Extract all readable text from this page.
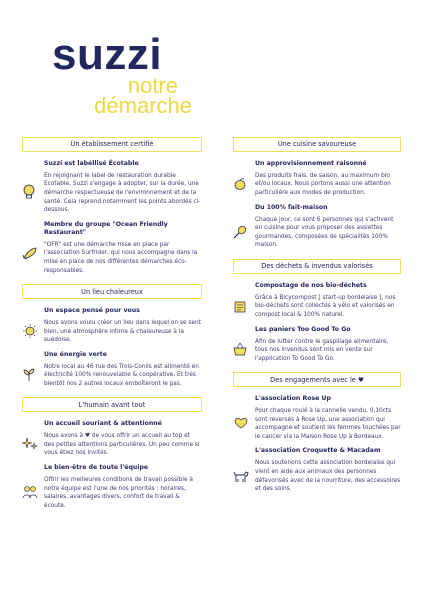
suzzi
notre
démarche
Un établissement certifié
Suzzi est labéllisé Écotable
En rejoignant le label de restauration durable Écotable, Suzzi s'engage à adopter, sur la durée, une démarche respectueuse de l'environnement et de la santé. Cela reprend notamment les points abordés ci-dessous.
Membre du groupe "Ocean Friendly Restaurant"
"OFR" est une démarche mise en place par l'association Surfrider, qui nous accompagne dans la mise en place de nos différentes démarches éco-responsables.
Un lieu chaleureux
Un espace pensé pour vous
Nous avons voulu créer un lieu dans lequel on se sent bien, une atmosphère intime & chaleureuse à la suédoise.
Une énergie verte
Notre local au 46 rue des Trois-Conils est alimenté en électricité 100% renouvelable & coopérative. Et très bientôt nos 2 autres locaux emboîteront le pas.
L'humain avant tout
Un accueil souriant & attentionné
Nous avons à ♥ de vous offrir un accueil au top et des petites attentions particulières. Un peu comme si vous étiez nos invités.
Le bien-être de toute l'équipe
Offrir les meilleures conditions de travail possible à notre équipe est l'une de nos priorités : horaires, salaires, avantages divers, confort de travail & écoute.
Une cuisine savoureuse
Un approvisionnement raisonné
Des produits frais, de saison, au maximum bio et/ou locaux. Nous portons aussi une attention particulière aux modes de production.
Du 100% fait-maison
Chaque jour, ce sont 6 personnes qui s'activent en cuisine pour vous proposer des assiettes gourmandes, composées de spécialités 100% maison.
Des déchets & invendus valorisés
Compostage de nos bio-déchets
Grâce à Bicycompost [ start-up bordelaise ], nos bio-déchets sont collectés à vélo et valorisés en compost local & 100% naturel.
Les paniers Too Good To Go
Afin de lutter contre le gaspillage alimentaire, tous nos invendus sont mis en vente sur l'application To Good To Go.
Des engagements avec le ♥
L'association Rose Up
Pour chaque roulé à la cannelle vendu, 0,10cts sont reversés à Rose Up, une association qui accompagne et soutient les femmes touchées par le cancer via la Maison Rose Up à Bordeaux.
L'association Croquette & Macadam
Nous soutenons cette association bordelaise qui vient en aide aux animaux des personnes défavorisés avec de la nourriture, des accessoires et des soins.
